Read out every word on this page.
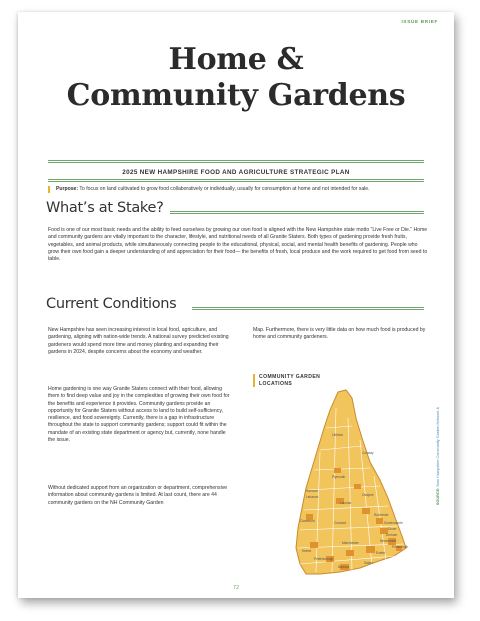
ISSUE BRIEF
Home &
Community Gardens
2025 NEW HAMPSHIRE FOOD AND AGRICULTURE STRATEGIC PLAN
Purpose: To focus on land cultivated to grow food collaboratively or individually, usually for consumption at home and not intended for sale.
What’s at Stake?
Food is one of our most basic needs and the ability to feed ourselves by growing our own food is aligned with the New Hampshire state motto “Live Free or Die.” Home and community gardens are vitally important to the character, lifestyle, and nutritional needs of all Granite Staters. Both types of gardening provide fresh fruits, vegetables, and animal products, while simultaneously connecting people to the educational, physical, social, and mental health benefits of gardening. People who grow their own food gain a deeper understanding of and appreciation for their food— the benefits of fresh, local produce and the work required to get food from seed to table.
Current Conditions
New Hampshire has seen increasing interest in local food, agriculture, and gardening, aligning with nation-wide trends. A national survey predicted existing gardeners would spend more time and money planting and expanding their gardens in 2024, despite concerns about the economy and weather.
Home gardening is one way Granite Staters connect with their food, allowing them to find deep value and joy in the complexities of growing their own food for the benefits and experience it provides. Community gardens provide an opportunity for Granite Staters without access to land to build self-sufficiency, resilience, and food sovereignty. Currently, there is a gap in infrastructure throughout the state to support community gardens; support could fit within the mandate of an existing state department or agency but, currently, none handle the issue.
Without dedicated support from an organization or department, comprehensive information about community gardens is limited. At last count, there are 44 community gardens on the NH Community Garden
Map. Furthermore, there is very little data on how much food is produced by home and community gardeners.
COMMUNITY GARDEN LOCATIONS
Littleton
Conway
Plymouth
Hanover
Lebanon
Laconia
Ossipee
Claremont	Concord
Rochester
Somersworth
Dover
Durham
Newmarket
Portsmouth
Exeter
Manchester
Keene
Peterborough
Salem
Nashua
SOURCE: New Hampshire Community Garden Network &
72
